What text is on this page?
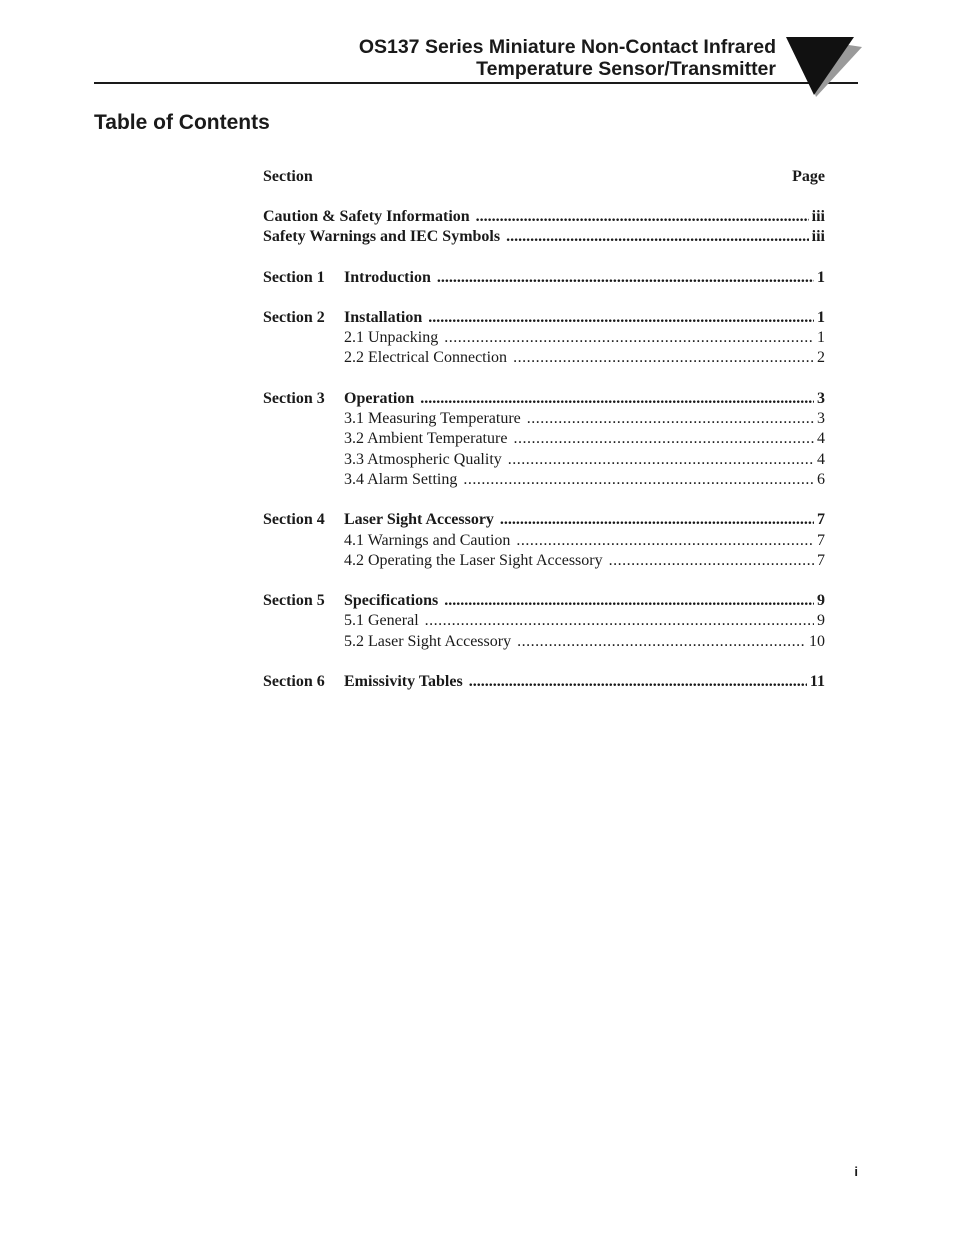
OS137 Series Miniature Non-Contact Infrared
Temperature Sensor/Transmitter
Table of Contents
Section	Page
Caution & Safety Information .....	iii
Safety Warnings and IEC Symbols .....	iii
Section 1	Introduction .....	1
Section 2	Installation .....	1
2.1 Unpacking .....	1
2.2 Electrical Connection .....	2
Section 3	Operation .....	3
3.1 Measuring Temperature .....	3
3.2 Ambient Temperature .....	4
3.3 Atmospheric Quality .....	4
3.4 Alarm Setting .....	6
Section 4	Laser Sight Accessory .....	7
4.1 Warnings and Caution .....	7
4.2 Operating the Laser Sight Accessory .....	7
Section 5	Specifications .....	9
5.1 General .....	9
5.2 Laser Sight Accessory .....	10
Section 6	Emissivity Tables .....	11
i
